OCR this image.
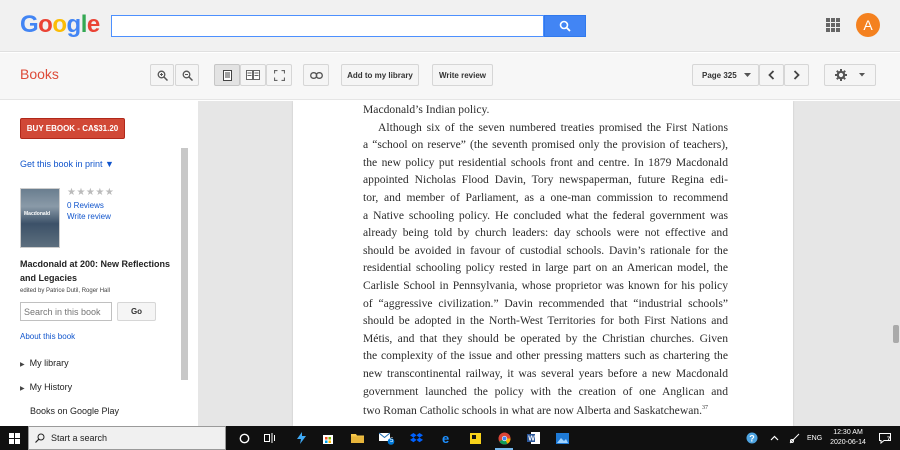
Google	A
Books	Add to my library	Write review	Page 325
BUY EBOOK - CA$31.20
Get this book in print ▼
Macdonald
★★★★★
0 Reviews
Write review
Macdonald at 200: New Reflections and Legacies
edited by Patrice Dutil, Roger Hall
Search in this book
Go
About this book
▶ My library
▶ My History
Books on Google Play
Macdonald’s Indian policy.
Although six of the seven numbered treaties promised the First Nations
a “school on reserve” (the seventh promised only the provision of teachers),
the new policy put residential schools front and centre. In 1879 Macdonald
appointed Nicholas Flood Davin, Tory newspaperman, future Regina edi-
tor, and member of Parliament, as a one-man commission to recommend
a Native schooling policy. He concluded what the federal government was
already being told by church leaders: day schools were not effective and
should be avoided in favour of custodial schools. Davin’s rationale for the
residential schooling policy rested in large part on an American model, the
Carlisle School in Pennsylvania, whose proprietor was known for his policy
of “aggressive civilization.” Davin recommended that “industrial schools”
should be adopted in the North-West Territories for both First Nations and
Métis, and that they should be operated by the Christian churches. Given
the complexity of the issue and other pressing matters such as chartering the
new transcontinental railway, it was several years before a new Macdonald
government launched the policy with the creation of one Anglican and
two Roman Catholic schools in what are now Alberta and Saskatchewan.$^{37}$
Start a search	5	e	W	?	ENG
12:30 AM
2020-06-14	7
